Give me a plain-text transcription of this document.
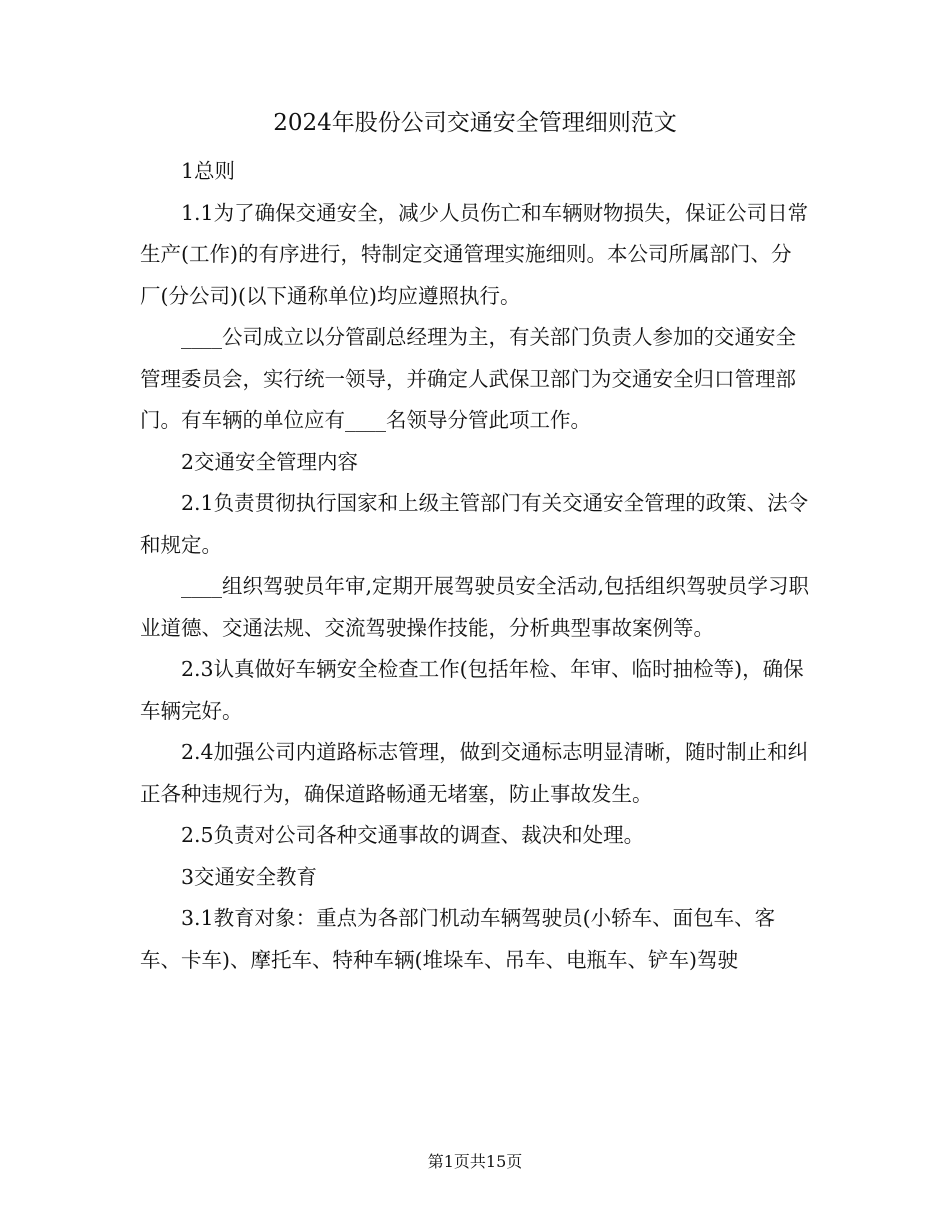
2024年股份公司交通安全管理细则范文

1总则

1.1为了确保交通安全，减少人员伤亡和车辆财物损失，保证公司日常生产(工作)的有序进行，特制定交通管理实施细则。本公司所属部门、分厂(分公司)(以下通称单位)均应遵照执行。

____公司成立以分管副总经理为主，有关部门负责人参加的交通安全管理委员会，实行统一领导，并确定人武保卫部门为交通安全归口管理部门。有车辆的单位应有____名领导分管此项工作。

2交通安全管理内容

2.1负责贯彻执行国家和上级主管部门有关交通安全管理的政策、法令和规定。

____组织驾驶员年审,定期开展驾驶员安全活动,包括组织驾驶员学习职业道德、交通法规、交流驾驶操作技能，分析典型事故案例等。

2.3认真做好车辆安全检查工作(包括年检、年审、临时抽检等)，确保车辆完好。

2.4加强公司内道路标志管理，做到交通标志明显清晰，随时制止和纠正各种违规行为，确保道路畅通无堵塞，防止事故发生。

2.5负责对公司各种交通事故的调查、裁决和处理。

3交通安全教育

3.1教育对象：重点为各部门机动车辆驾驶员(小轿车、面包车、客车、卡车)、摩托车、特种车辆(堆垛车、吊车、电瓶车、铲车)驾驶

第1页共15页
